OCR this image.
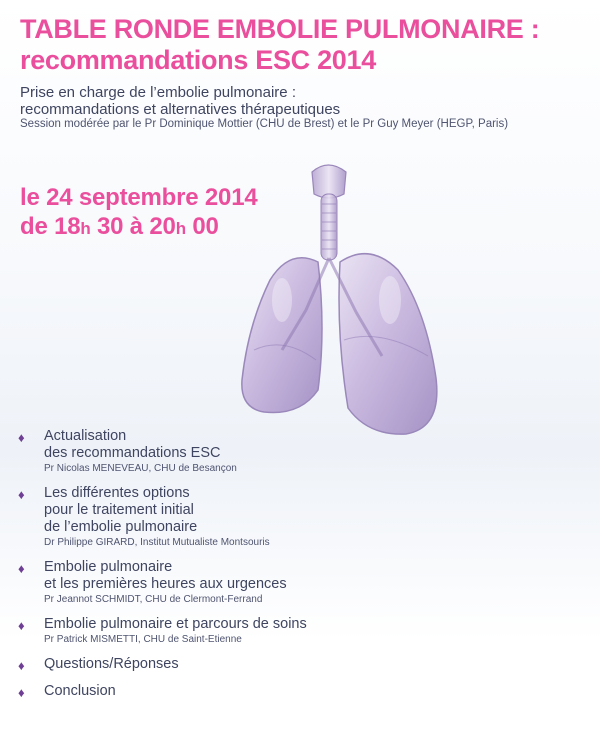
TABLE RONDE EMBOLIE PULMONAIRE :
recommandations ESC 2014
Prise en charge de l’embolie pulmonaire :
recommandations et alternatives thérapeutiques
Session modérée par le Pr Dominique Mottier (CHU de Brest) et le Pr Guy Meyer (HEGP, Paris)
le 24 septembre 2014
de 18h 30 à 20h 00
♦ Actualisation
des recommandations ESC
Pr Nicolas MENEVEAU, CHU de Besançon
♦ Les différentes options
pour le traitement initial
de l’embolie pulmonaire
Dr Philippe GIRARD, Institut Mutualiste Montsouris
♦ Embolie pulmonaire
et les premières heures aux urgences
Pr Jeannot SCHMIDT, CHU de Clermont-Ferrand
♦ Embolie pulmonaire et parcours de soins
Pr Patrick MISMETTI, CHU de Saint-Etienne
♦ Questions/Réponses
♦ Conclusion
